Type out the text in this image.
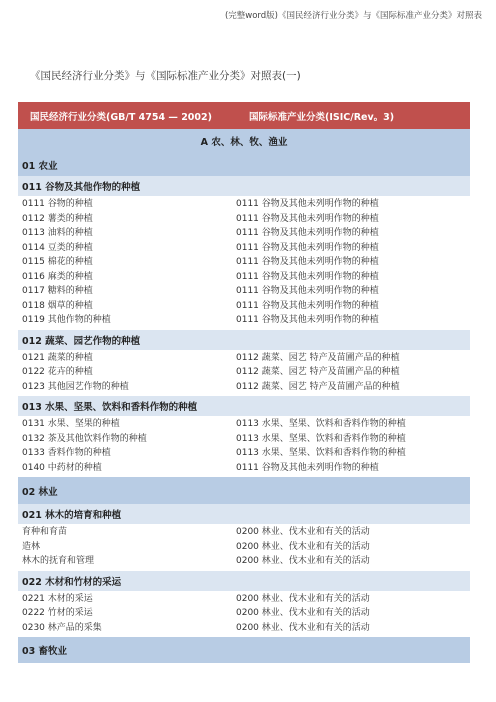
(完整word版)《国民经济行业分类》与《国际标准产业分类》对照表
《国民经济行业分类》与《国际标准产业分类》对照表(一)
国民经济行业分类(GB/T 4754 — 2002)	国际标准产业分类(ISIC/Rev。3)
A 农、林、牧、渔业
01 农业
011 谷物及其他作物的种植
0111 谷物的种植
0112 薯类的种植
0113 油料的种植
0114 豆类的种植
0115 棉花的种植
0116 麻类的种植
0117 糖料的种植
0118 烟草的种植
0119 其他作物的种植
0111 谷物及其他未列明作物的种植
0111 谷物及其他未列明作物的种植
0111 谷物及其他未列明作物的种植
0111 谷物及其他未列明作物的种植
0111 谷物及其他未列明作物的种植
0111 谷物及其他未列明作物的种植
0111 谷物及其他未列明作物的种植
0111 谷物及其他未列明作物的种植
0111 谷物及其他未列明作物的种植
012 蔬菜、园艺作物的种植
0121 蔬菜的种植
0122 花卉的种植
0123 其他园艺作物的种植
0112 蔬菜、园艺 特产及苗圃产品的种植
0112 蔬菜、园艺 特产及苗圃产品的种植
0112 蔬菜、园艺 特产及苗圃产品的种植
013 水果、坚果、饮料和香料作物的种植
0131 水果、坚果的种植
0132 茶及其他饮料作物的种植
0133 香料作物的种植
0140 中药材的种植
0113 水果、坚果、饮料和香料作物的种植
0113 水果、坚果、饮料和香料作物的种植
0113 水果、坚果、饮料和香料作物的种植
0111 谷物及其他未列明作物的种植
02 林业
021 林木的培育和种植
育种和育苗
造林
林木的抚育和管理
0200 林业、伐木业和有关的活动
0200 林业、伐木业和有关的活动
0200 林业、伐木业和有关的活动
022 木材和竹材的采运
0221 木材的采运
0222 竹材的采运
0230 林产品的采集
0200 林业、伐木业和有关的活动
0200 林业、伐木业和有关的活动
0200 林业、伐木业和有关的活动
03 畜牧业
